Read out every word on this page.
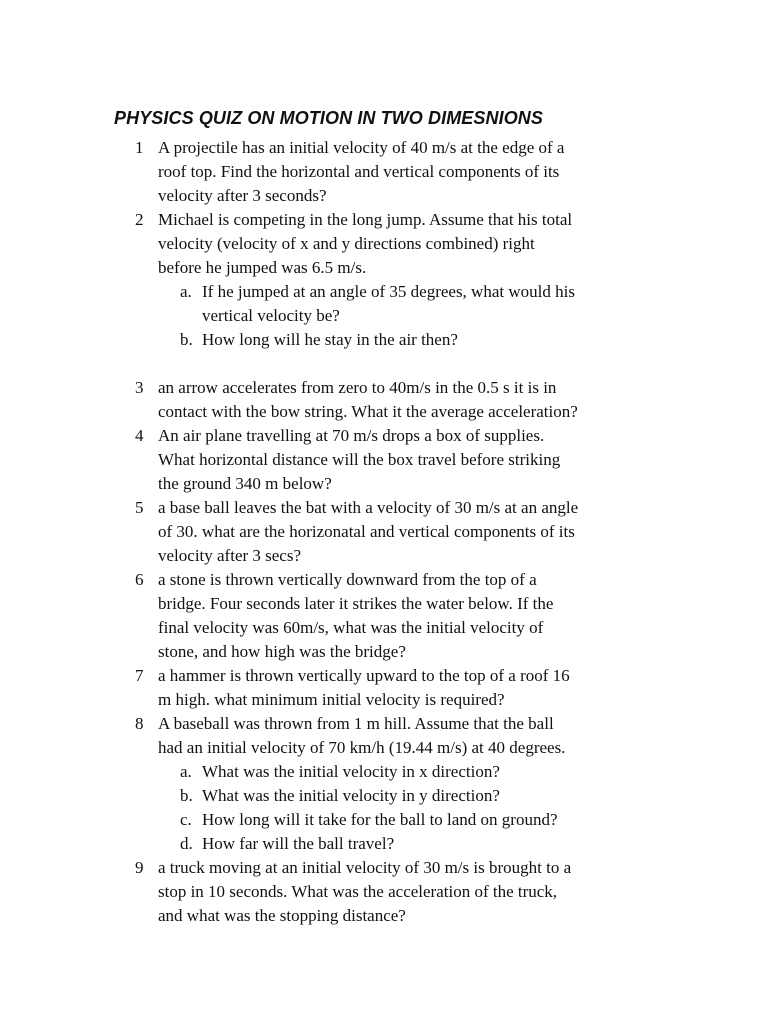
PHYSICS QUIZ ON MOTION IN TWO DIMESNIONS
1 A projectile has an initial velocity of 40 m/s at the edge of a
roof top. Find the horizontal and vertical components of its
velocity after 3 seconds?
2 Michael is competing in the long jump. Assume that his total
velocity (velocity of x and y directions combined) right
before he jumped was 6.5 m/s.
a. If he jumped at an angle of 35 degrees, what would his
vertical velocity be?
b. How long will he stay in the air then?
3 an arrow accelerates from zero to 40m/s in the 0.5 s it is in
contact with the bow string. What it the average acceleration?
4 An air plane travelling at 70 m/s drops a box of supplies.
What horizontal distance will the box travel before striking
the ground 340 m below?
5 a base ball leaves the bat with a velocity of 30 m/s at an angle
of 30. what are the horizonatal and vertical components of its
velocity after 3 secs?
6 a stone is thrown vertically downward from the top of a
bridge. Four seconds later it strikes the water below. If the
final velocity was 60m/s, what was the initial velocity of
stone, and how high was the bridge?
7 a hammer is thrown vertically upward to the top of a roof 16
m high. what minimum initial velocity is required?
8 A baseball was thrown from 1 m hill. Assume that the ball
had an initial velocity of 70 km/h (19.44 m/s) at 40 degrees.
a. What was the initial velocity in x direction?
b. What was the initial velocity in y direction?
c. How long will it take for the ball to land on ground?
d. How far will the ball travel?
9 a truck moving at an initial velocity of 30 m/s is brought to a
stop in 10 seconds. What was the acceleration of the truck,
and what was the stopping distance?
